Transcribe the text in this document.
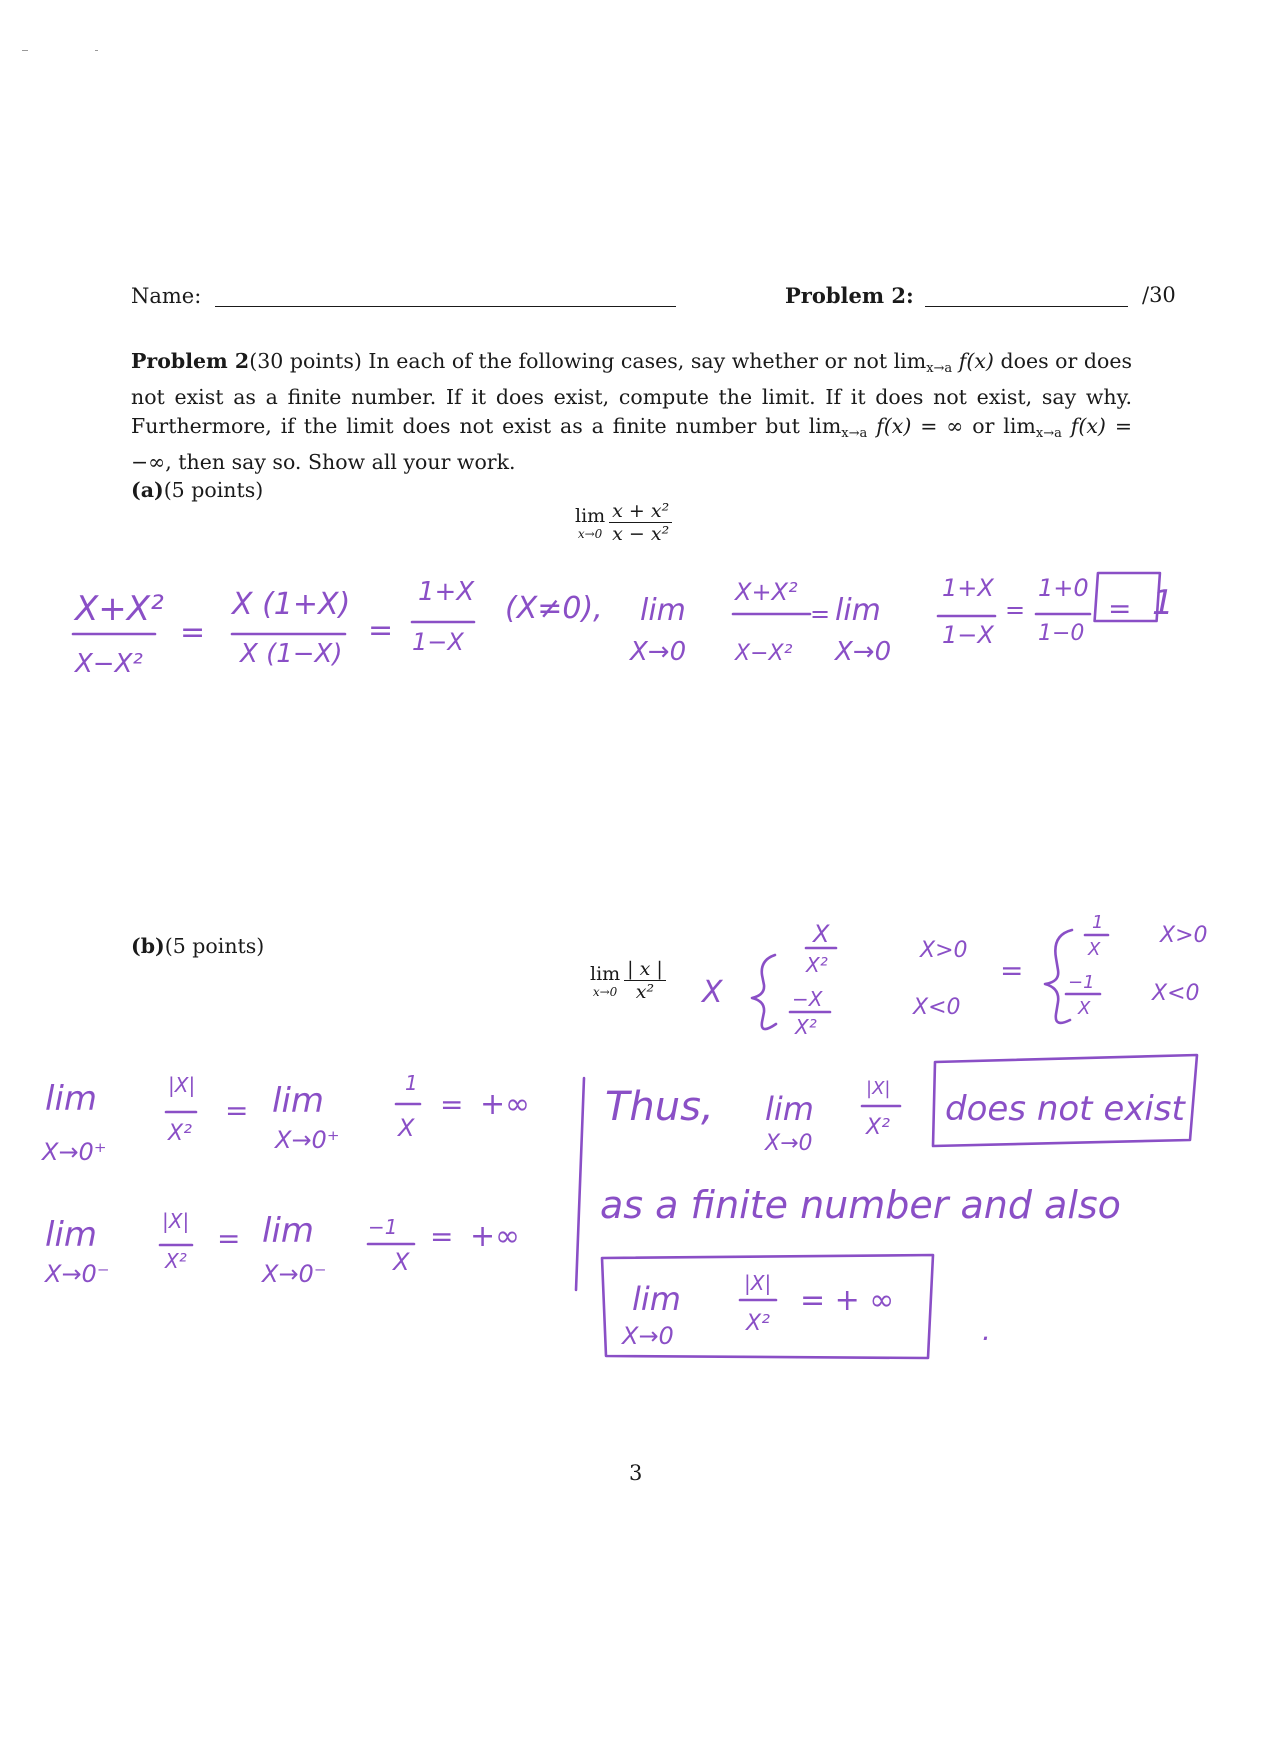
Name:	Problem 2:	/30
Problem 2(30 points) In each of the following cases, say whether or not $\lim_{x\to a} f(x)$ does or does not exist as a finite number. If it does exist, compute the limit. If it does not exist, say why. Furthermore, if the limit does not exist as a finite number but $\lim_{x\to a} f(x)$ = ∞ or $\lim_{x\to a} f(x)$ = −∞, then say so. Show all your work.
(a)(5 points)
lim
$x\to 0 \frac{\text{x + x²}}{\text{x − x²}}$
(b)(5 points)
lim
$x\to 0 \frac{| x |}{\text{x²}}$
X+X²
X−X²
=
X (1+X)
X (1−X)
=
1+X
1−X
(X≠0), lim
X→0
X+X²
X−X²
= lim
X→0
1+X
1−X
=
1+0
1−0
= 1
X
X
X²
X>0
−X
X²
X<0
=
1
X
X>0
−1
X
X<0
lim
X→0⁺
|X|
X²
= lim
X→0⁺
1
X
= +∞
lim
X→0⁻
|X|
X²
= lim
X→0⁻
−1
X
= +∞
Thus, lim
X→0
|X|
X² does not exist
as a finite number and also
lim
X→0
|X|
X²
= + ∞
.
3
